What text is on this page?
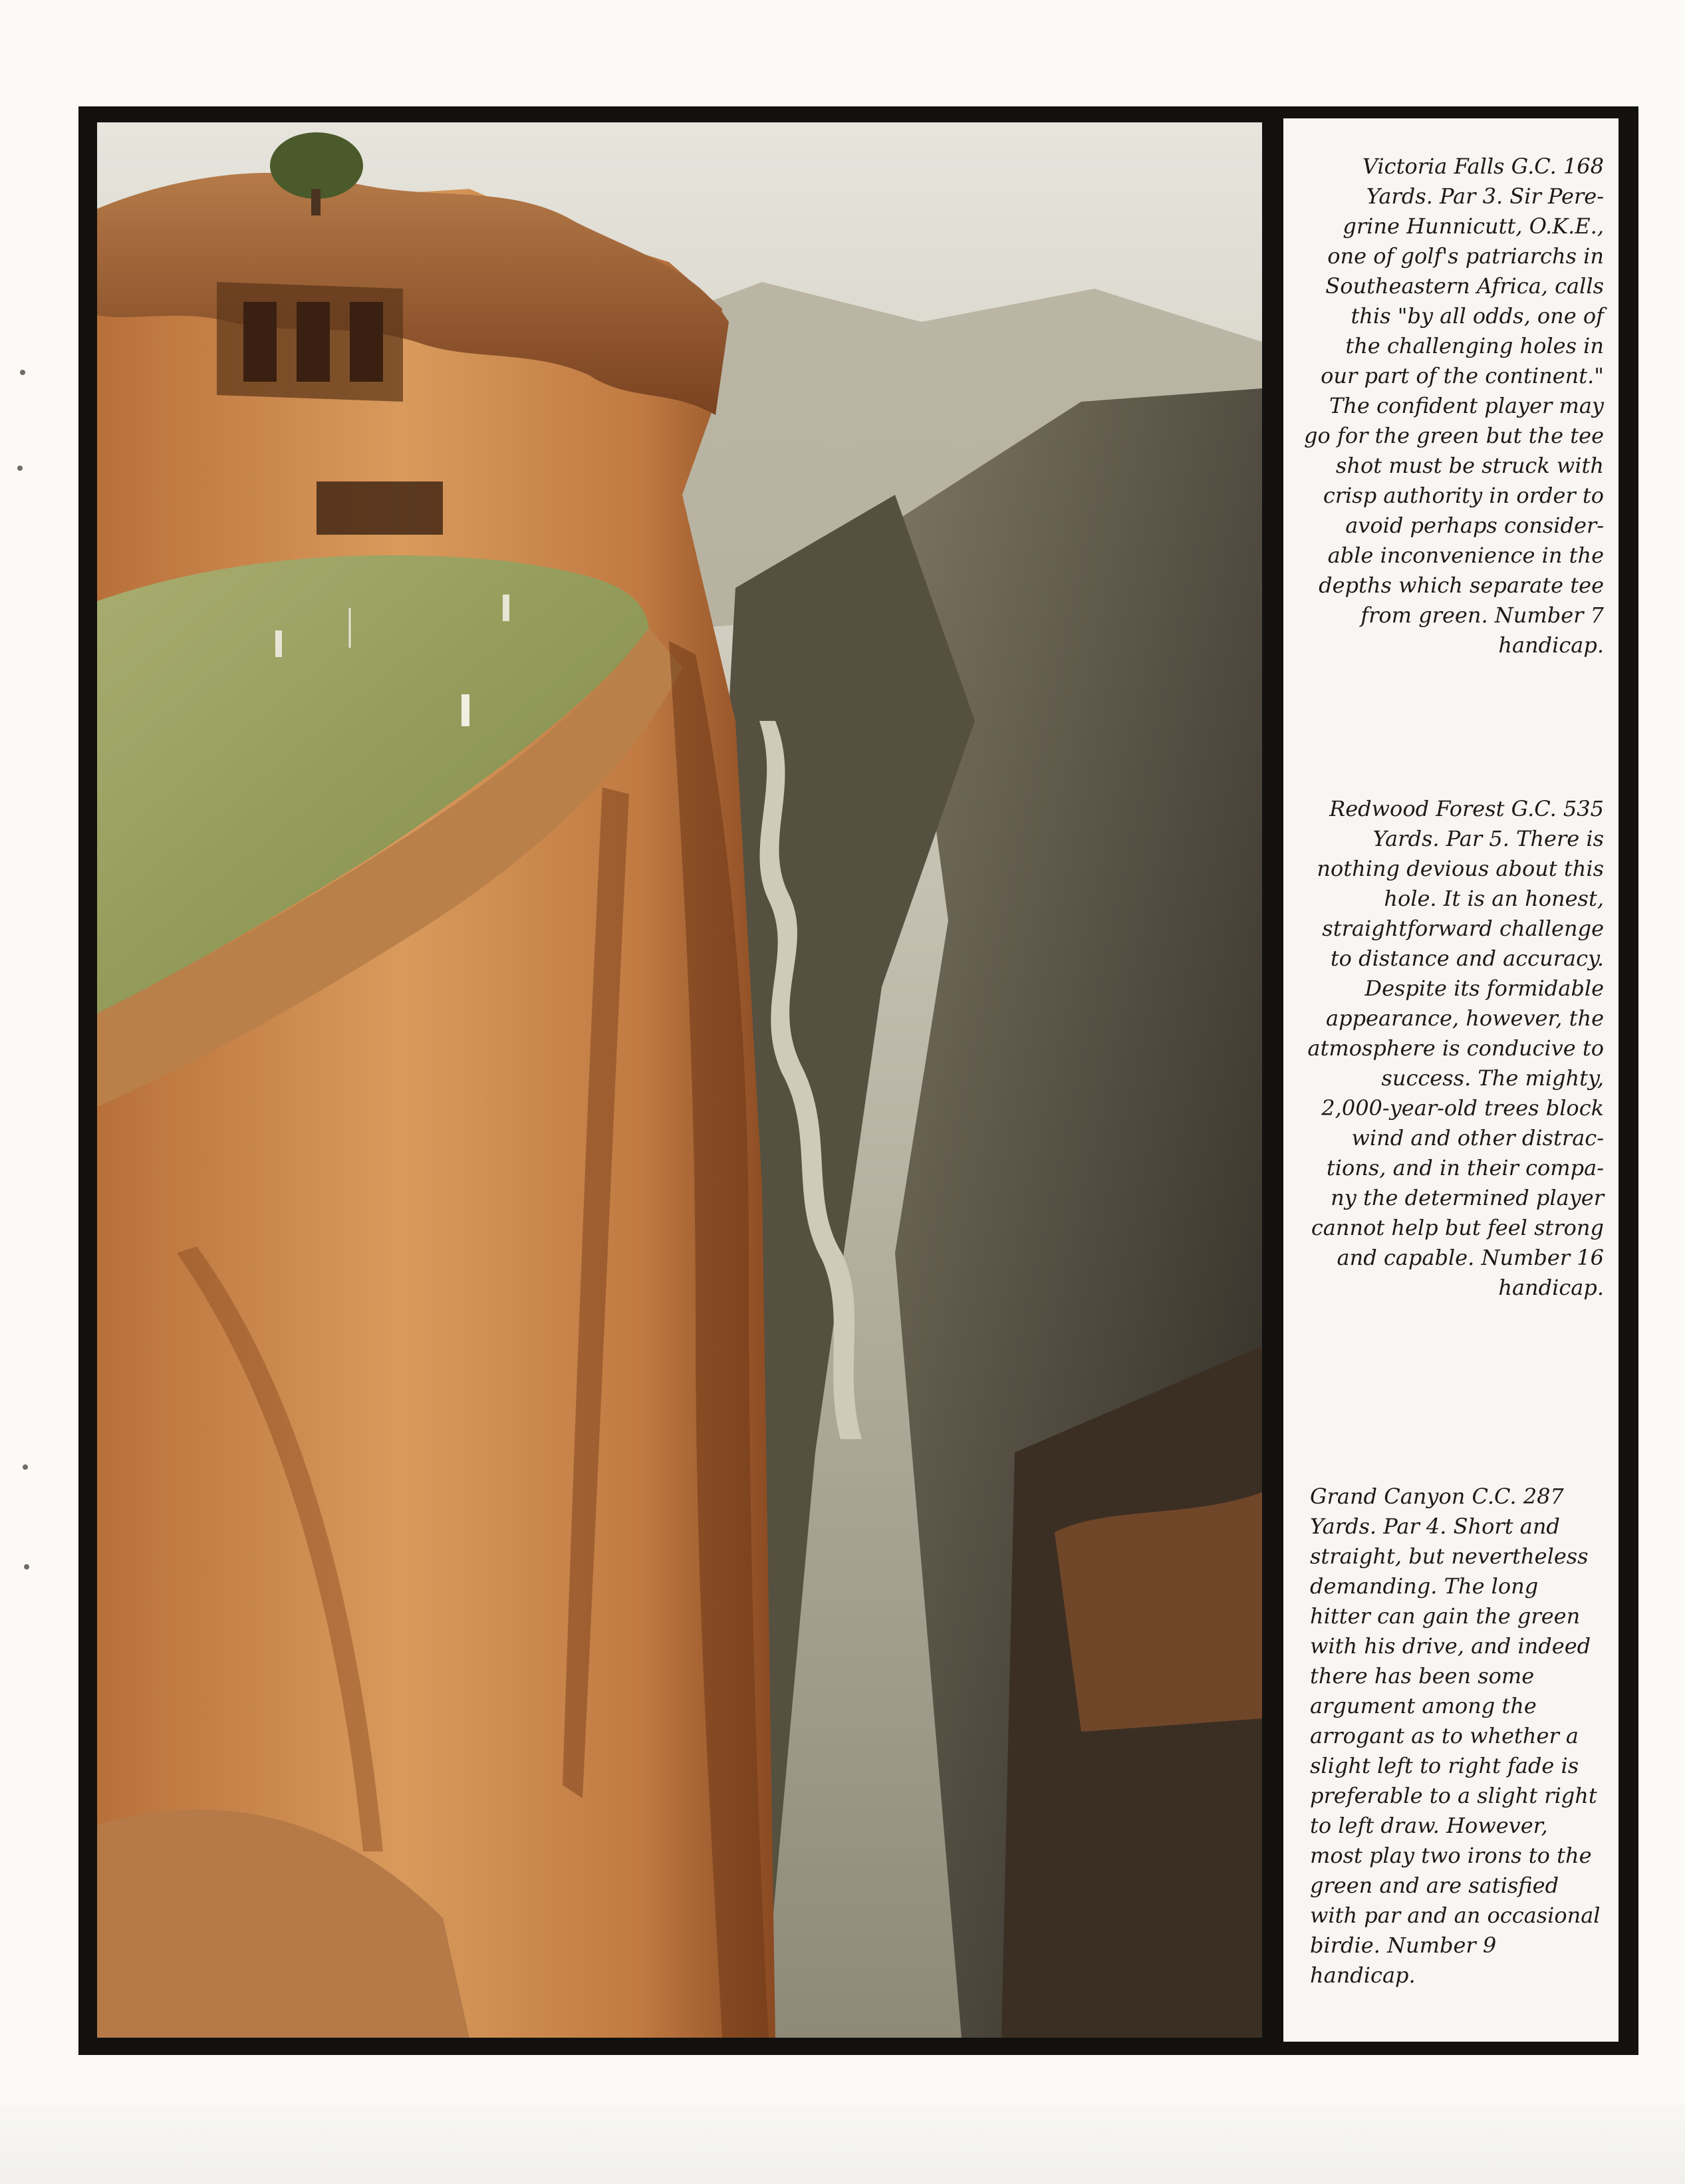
Victoria Falls G.C. 168
Yards. Par 3. Sir Pere-
grine Hunnicutt, O.K.E.,
one of golf's patriarchs in
Southeastern Africa, calls
this "by all odds, one of
the challenging holes in
our part of the continent."
The confident player may
go for the green but the tee
shot must be struck with
crisp authority in order to
avoid perhaps consider-
able inconvenience in the
depths which separate tee
from green. Number 7
handicap.

Redwood Forest G.C. 535
Yards. Par 5. There is
nothing devious about this
hole. It is an honest,
straightforward challenge
to distance and accuracy.
Despite its formidable
appearance, however, the
atmosphere is conducive to
success. The mighty,
2,000-year-old trees block
wind and other distrac-
tions, and in their compa-
ny the determined player
cannot help but feel strong
and capable. Number 16
handicap.

Grand Canyon C.C. 287
Yards. Par 4. Short and
straight, but nevertheless
demanding. The long
hitter can gain the green
with his drive, and indeed
there has been some
argument among the
arrogant as to whether a
slight left to right fade is
preferable to a slight right
to left draw. However,
most play two irons to the
green and are satisfied
with par and an occasional
birdie. Number 9
handicap.
